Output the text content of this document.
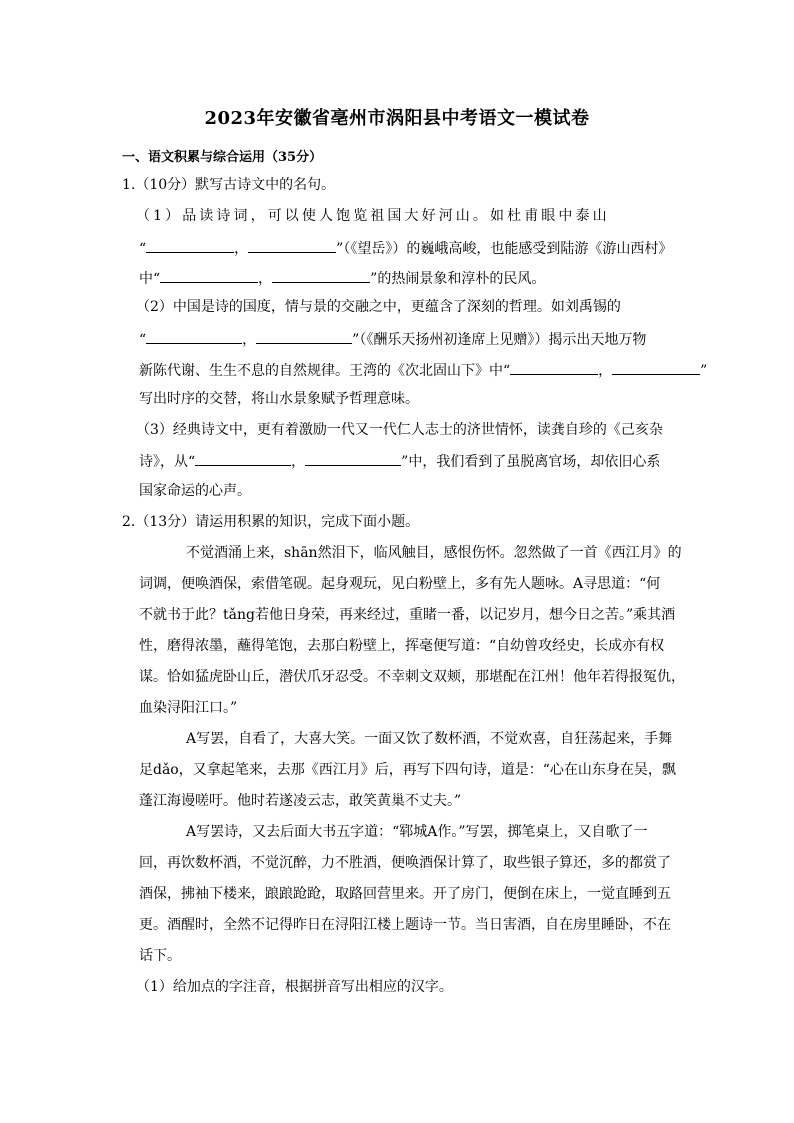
2023年安徽省亳州市涡阳县中考语文一模试卷
一、语文积累与综合运用（35分）
1.（10分）默写古诗文中的名句。
（1）品读诗词，可以使人饱览祖国大好河山。如杜甫眼中泰山
“	，	”（《望岳》）的巍峨高峻，也能感受到陆游《游山西村》
中“	，	”的热闹景象和淳朴的民风。
（2）中国是诗的国度，情与景的交融之中，更蕴含了深刻的哲理。如刘禹锡的
“	，	”（《酬乐天扬州初逢席上见赠》）揭示出天地万物
新陈代谢、生生不息的自然规律。王湾的《次北固山下》中“	，	”
写出时序的交替，将山水景象赋予哲理意味。
（3）经典诗文中，更有着激励一代又一代仁人志士的济世情怀，读龚自珍的《己亥杂
诗》，从“	，	”中，我们看到了虽脱离官场，却依旧心系
国家命运的心声。
2.（13分）请运用积累的知识，完成下面小题。
不觉酒涌上来，shān然泪下，临风触目，感恨伤怀。忽然做了一首《西江月》的
词调，便唤酒保，索借笔砚。起身观玩，见白粉壁上，多有先人题咏。A寻思道：“何
不就书于此？tǎng若他日身荣，再来经过，重睹一番，以记岁月，想今日之苦。”乘其酒
性，磨得浓墨，蘸得笔饱，去那白粉壁上，挥毫便写道：“自幼曾攻经史，长成亦有权
谋。恰如猛虎卧山丘，潜伏爪牙忍受。不幸刺文双颊，那堪配在江州！他年若得报冤仇，
血染浔阳江口。”
A写罢，自看了，大喜大笑。一面又饮了数杯酒，不觉欢喜，自狂荡起来，手舞
足dǎo，又拿起笔来，去那《西江月》后，再写下四句诗，道是：“心在山东身在吴，飘
蓬江海谩嗟吁。他时若遂凌云志，敢笑黄巢不丈夫。”
A写罢诗，又去后面大书五字道：“郓城A作。”写罢，掷笔桌上，又自歌了一
回，再饮数杯酒，不觉沉醉，力不胜酒，便唤酒保计算了，取些银子算还，多的都赏了
酒保，拂袖下楼来，踉踉跄跄，取路回营里来。开了房门，便倒在床上，一觉直睡到五
更。酒醒时，全然不记得昨日在浔阳江楼上题诗一节。当日害酒，自在房里睡卧，不在
话下。
（1）给加点的字注音，根据拼音写出相应的汉字。
